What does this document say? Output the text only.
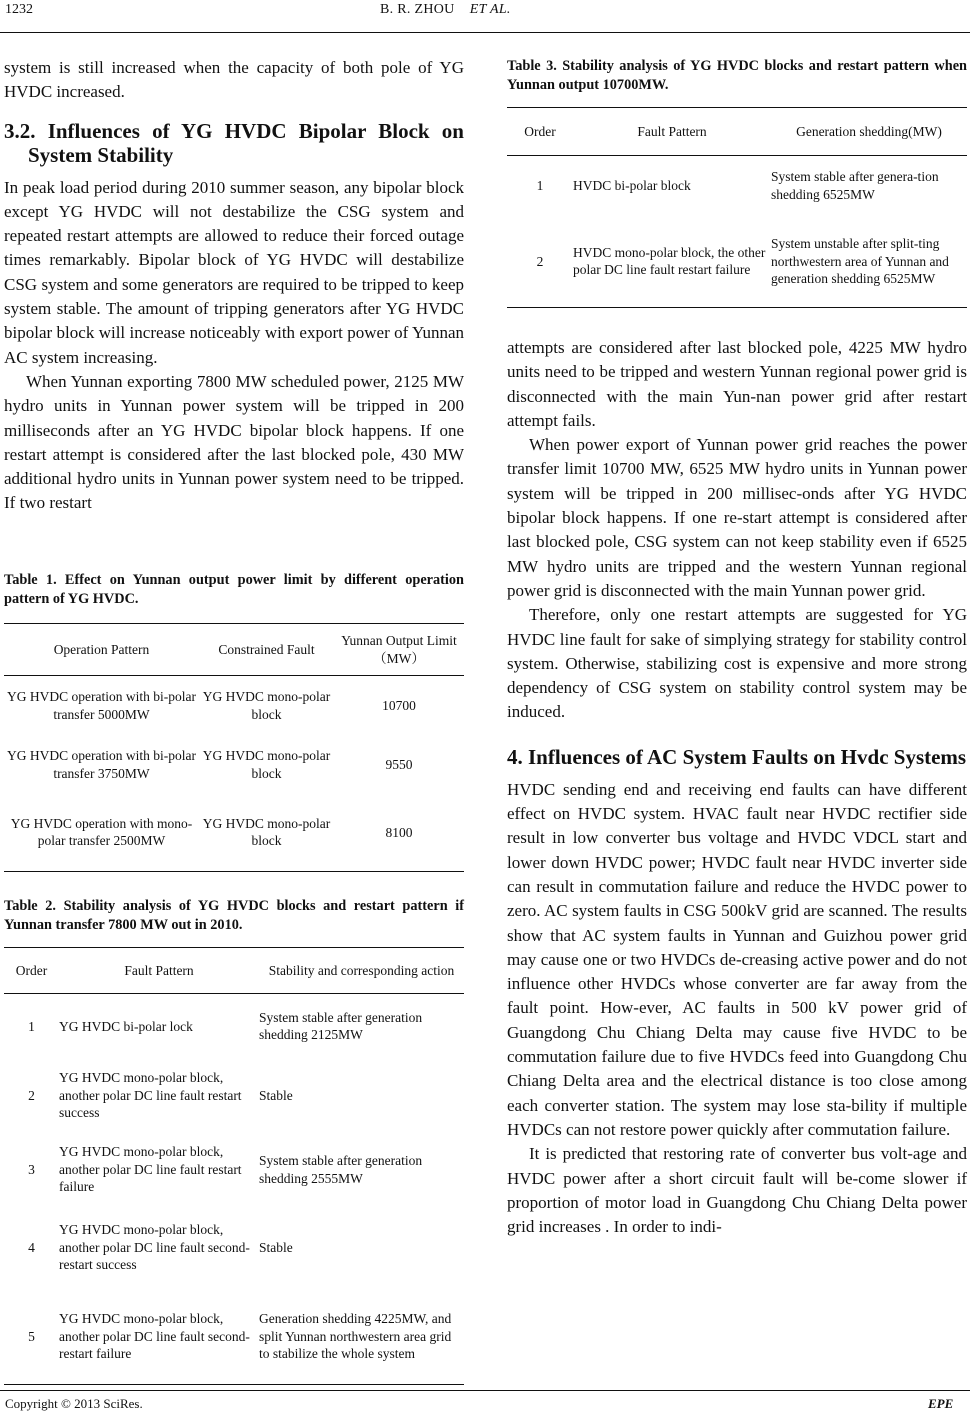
1232	B. R. ZHOU ET AL.

system is still increased when the capacity of both pole of YG HVDC increased.

3.2. Influences of YG HVDC Bipolar Block on System Stability

In peak load period during 2010 summer season, any bipolar block except YG HVDC will not destabilize the CSG system and repeated restart attempts are allowed to reduce their forced outage times remarkably. Bipolar block of YG HVDC will destabilize CSG system and some generators are required to be tripped to keep system stable. The amount of tripping generators after YG HVDC bipolar block will increase noticeably with export power of Yunnan AC system increasing.

When Yunnan exporting 7800 MW scheduled power, 2125 MW hydro units in Yunnan power system will be tripped in 200 milliseconds after an YG HVDC bipolar block happens. If one restart attempt is considered after the last blocked pole, 430 MW additional hydro units in Yunnan power system need to be tripped. If two restart

Table 1. Effect on Yunnan output power limit by different operation pattern of YG HVDC.

Operation Pattern	Constrained Fault	Yunnan Output Limit（MW）
YG HVDC operation with bi-polar transfer 5000MW	YG HVDC mono-polar block	10700
YG HVDC operation with bi-polar transfer 3750MW	YG HVDC mono-polar block	9550
YG HVDC operation with mono-polar transfer 2500MW	YG HVDC mono-polar block	8100

Table 2. Stability analysis of YG HVDC blocks and restart pattern if Yunnan transfer 7800 MW out in 2010.

Order	Fault Pattern	Stability and corresponding action
1	YG HVDC bi-polar lock	System stable after generation shedding 2125MW
2	YG HVDC mono-polar block, another polar DC line fault restart success	Stable
3	YG HVDC mono-polar block, another polar DC line fault restart failure	System stable after generation shedding 2555MW
4	YG HVDC mono-polar block, another polar DC line fault second-restart success	Stable
5	YG HVDC mono-polar block, another polar DC line fault second-restart failure	Generation shedding 4225MW, and split Yunnan northwestern area grid to stabilize the whole system

Table 3. Stability analysis of YG HVDC blocks and restart pattern when Yunnan output 10700MW.

Order	Fault Pattern	Generation shedding(MW)
1	HVDC bi-polar block	System stable after genera-tion shedding 6525MW
2	HVDC mono-polar block, the other polar DC line fault restart failure	System unstable after split-ting northwestern area of Yunnan and generation shedding 6525MW

attempts are considered after last blocked pole, 4225 MW hydro units need to be tripped and western Yunnan regional power grid is disconnected with the main Yun-nan power grid after restart attempt fails.

When power export of Yunnan power grid reaches the power transfer limit 10700 MW, 6525 MW hydro units in Yunnan power system will be tripped in 200 millisec-onds after YG HVDC bipolar block happens. If one re-start attempt is considered after last blocked pole, CSG system can not keep stability even if 6525 MW hydro units are tripped and the western Yunnan regional power grid is disconnected with the main Yunnan power grid.

Therefore, only one restart attempts are suggested for YG HVDC line fault for sake of simplying strategy for stability control system. Otherwise, stabilizing cost is expensive and more strong dependency of CSG system on stability control system may be induced.

4. Influences of AC System Faults on Hvdc Systems

HVDC sending end and receiving end faults can have different effect on HVDC system. HVAC fault near HVDC rectifier side result in low converter bus voltage and HVDC VDCL start and lower down HVDC power; HVDC fault near HVDC inverter side can result in commutation failure and reduce the HVDC power to zero. AC system faults in CSG 500kV grid are scanned. The results show that AC system faults in Yunnan and Guizhou power grid may cause one or two HVDCs de-creasing active power and do not influence other HVDCs whose converter are far away from the fault point. How-ever, AC faults in 500 kV power grid of Guangdong Chu Chiang Delta may cause five HVDC to be commutation failure due to five HVDCs feed into Guangdong Chu Chiang Delta area and the electrical distance is too close among each converter station. The system may lose sta-bility if multiple HVDCs can not restore power quickly after commutation failure.

It is predicted that restoring rate of converter bus volt-age and HVDC power after a short circuit fault will be-come slower if proportion of motor load in Guangdong Chu Chiang Delta power grid increases . In order to indi-

Copyright © 2013 SciRes.	EPE
